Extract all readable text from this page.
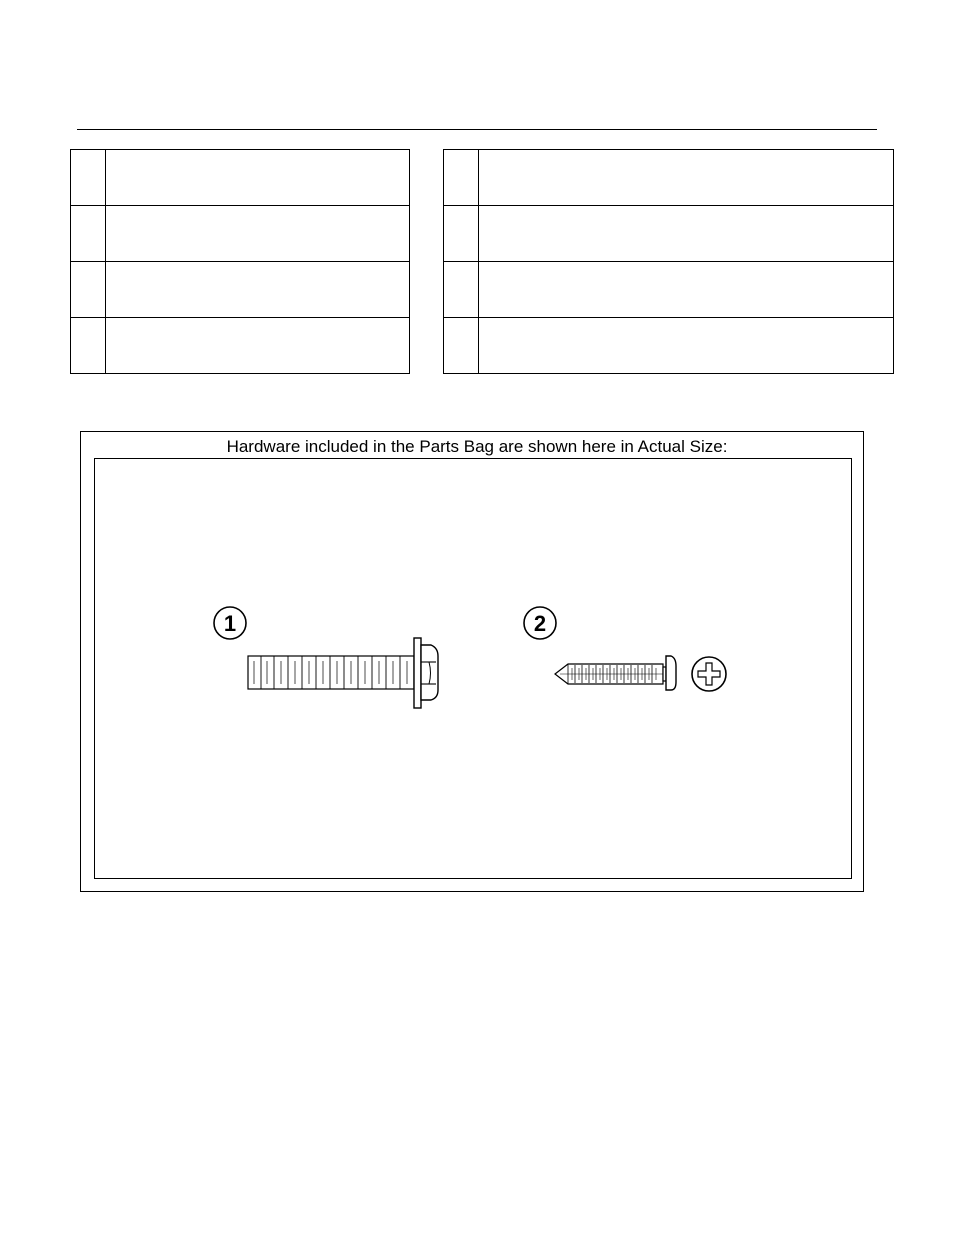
Hardware included in the Parts Bag are shown here in Actual Size:
1	2
